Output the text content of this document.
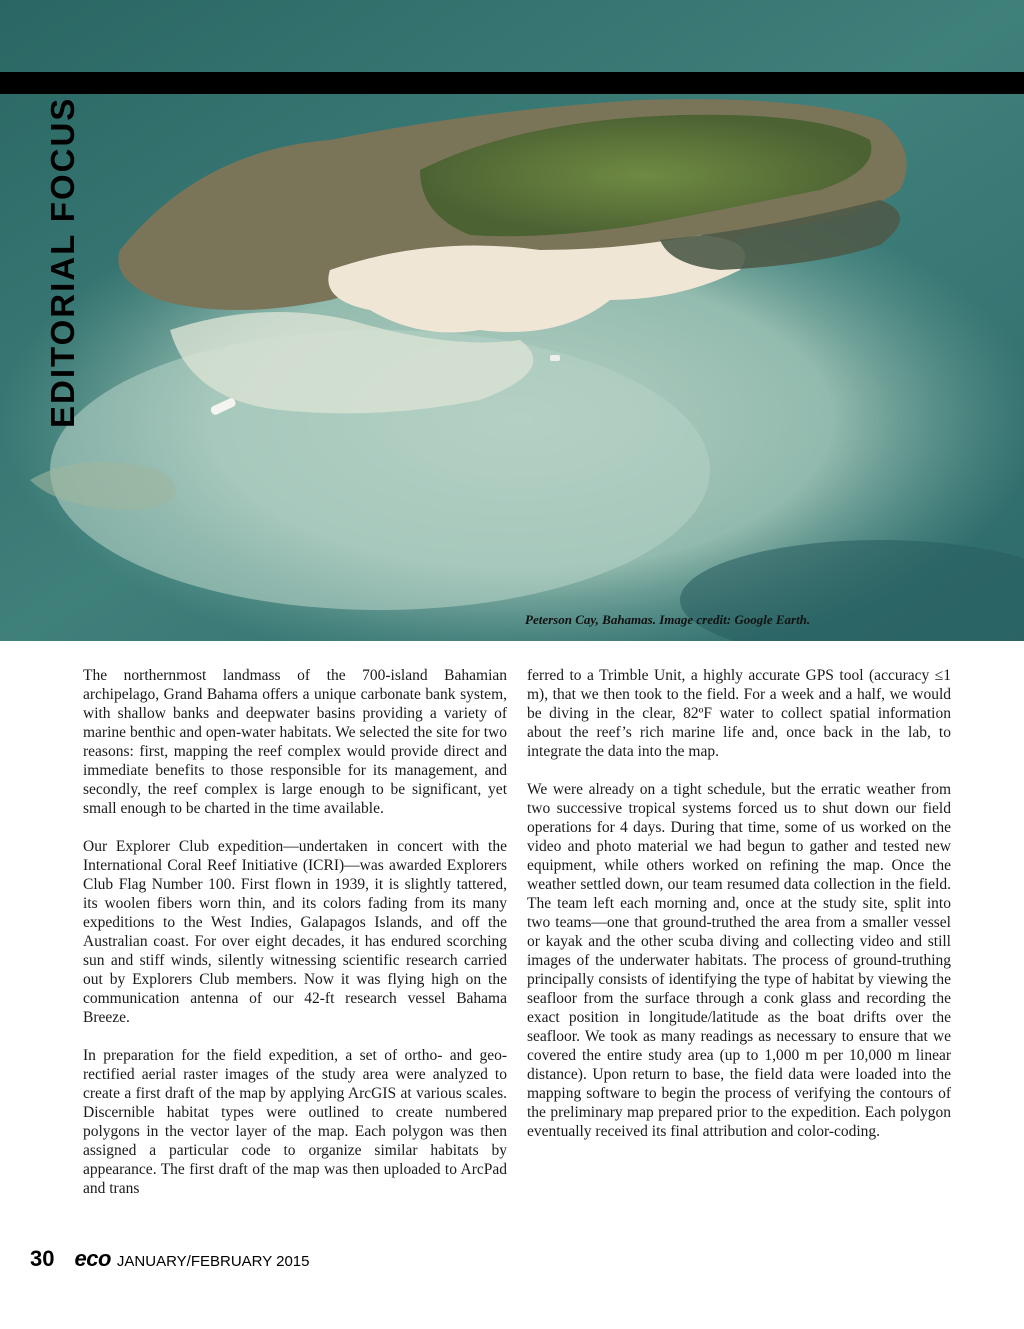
EDITORIAL FOCUS
Peterson Cay, Bahamas. Image credit: Google Earth.

The northernmost landmass of the 700-island Bahamian archipelago, Grand Bahama offers a unique carbonate bank system, with shallow banks and deepwater basins providing a variety of marine benthic and open-water habitats. We selected the site for two reasons: first, mapping the reef complex would provide direct and immediate benefits to those responsible for its management, and secondly, the reef complex is large enough to be significant, yet small enough to be charted in the time available.

Our Explorer Club expedition—undertaken in concert with the International Coral Reef Initiative (ICRI)—was awarded Explorers Club Flag Number 100. First flown in 1939, it is slightly tattered, its woolen fibers worn thin, and its colors fading from its many expeditions to the West Indies, Galapagos Islands, and off the Australian coast. For over eight decades, it has endured scorching sun and stiff winds, silently witnessing scientific research carried out by Explorers Club members. Now it was flying high on the communication antenna of our 42-ft research vessel Bahama Breeze.

In preparation for the field expedition, a set of ortho- and geo-rectified aerial raster images of the study area were analyzed to create a first draft of the map by applying ArcGIS at various scales. Discernible habitat types were outlined to create numbered polygons in the vector layer of the map. Each polygon was then assigned a particular code to organize similar habitats by appearance. The first draft of the map was then uploaded to ArcPad and trans

ferred to a Trimble Unit, a highly accurate GPS tool (accuracy ≤1 m), that we then took to the field. For a week and a half, we would be diving in the clear, 82ºF water to collect spatial information about the reef’s rich marine life and, once back in the lab, to integrate the data into the map.

We were already on a tight schedule, but the erratic weather from two successive tropical systems forced us to shut down our field operations for 4 days. During that time, some of us worked on the video and photo material we had begun to gather and tested new equipment, while others worked on refining the map. Once the weather settled down, our team resumed data collection in the field. The team left each morning and, once at the study site, split into two teams—one that ground-truthed the area from a smaller vessel or kayak and the other scuba diving and collecting video and still images of the underwater habitats. The process of ground-truthing principally consists of identifying the type of habitat by viewing the seafloor from the surface through a conk glass and recording the exact position in longitude/latitude as the boat drifts over the seafloor. We took as many readings as necessary to ensure that we covered the entire study area (up to 1,000 m per 10,000 m linear distance). Upon return to base, the field data were loaded into the mapping software to begin the process of verifying the contours of the preliminary map prepared prior to the expedition. Each polygon eventually received its final attribution and color-coding.

30 eco JANUARY/FEBRUARY 2015
